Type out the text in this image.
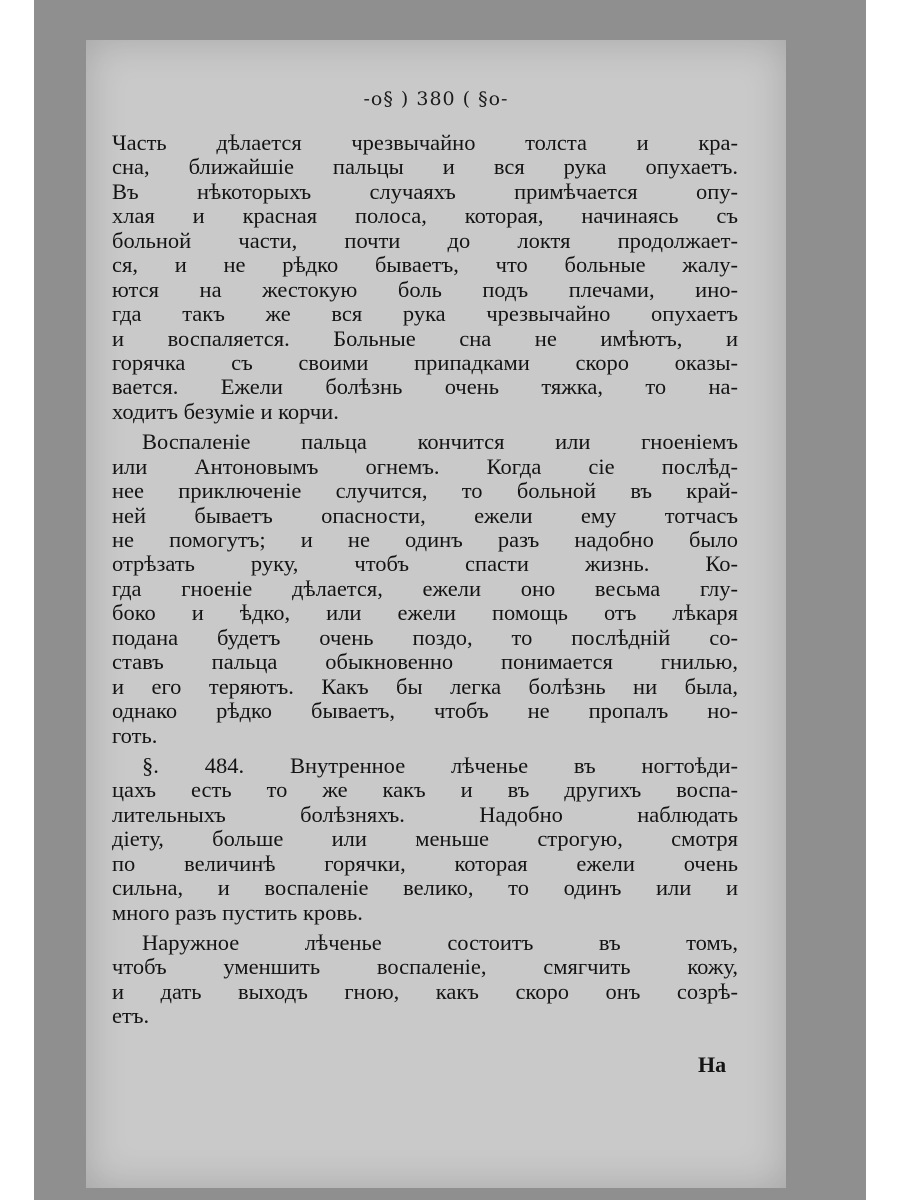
-o§ ) 380 ( §o-
Часть дѣлается чрезвычайно толста и кра-
сна, ближайшіе пальцы и вся рука опухаетъ.
Въ нѣкоторыхъ случаяхъ примѣчается опу-
хлая и красная полоса, которая, начинаясь съ
больной части, почти до локтя продолжает-
ся, и не рѣдко бываетъ, что больные жалу-
ются на жестокую боль подъ плечами, ино-
гда такъ же вся рука чрезвычайно опухаетъ
и воспаляется. Больные сна не имѣютъ, и
горячка съ своими припадками скоро оказы-
вается. Ежели болѣзнь очень тяжка, то на-
ходитъ безуміе и корчи.
Воспаленіе пальца кончится или гноеніемъ
или Антоновымъ огнемъ. Когда сіе послѣд-
нее приключеніе случится, то больной въ край-
ней бываетъ опасности, ежели ему тотчасъ
не помогутъ; и не одинъ разъ надобно было
отрѣзать руку, чтобъ спасти жизнь. Ко-
гда гноеніе дѣлается, ежели оно весьма глу-
боко и ѣдко, или ежели помощь отъ лѣкаря
подана будетъ очень поздо, то послѣдній со-
ставъ пальца обыкновенно понимается гнилью,
и его теряютъ. Какъ бы легка болѣзнь ни была,
однако рѣдко бываетъ, чтобъ не пропалъ но-
готь.
§. 484. Внутренное лѣченье въ ногтоѣди-
цахъ есть то же какъ и въ другихъ воспа-
лительныхъ болѣзняхъ. Надобно наблюдать
діету, больше или меньше строгую, смотря
по величинѣ горячки, которая ежели очень
сильна, и воспаленіе велико, то одинъ или и
много разъ пустить кровь.
Наружное лѣченье состоитъ въ томъ,
чтобъ уменшить воспаленіе, смягчить кожу,
и дать выходъ гною, какъ скоро онъ созрѣ-
етъ.
На
